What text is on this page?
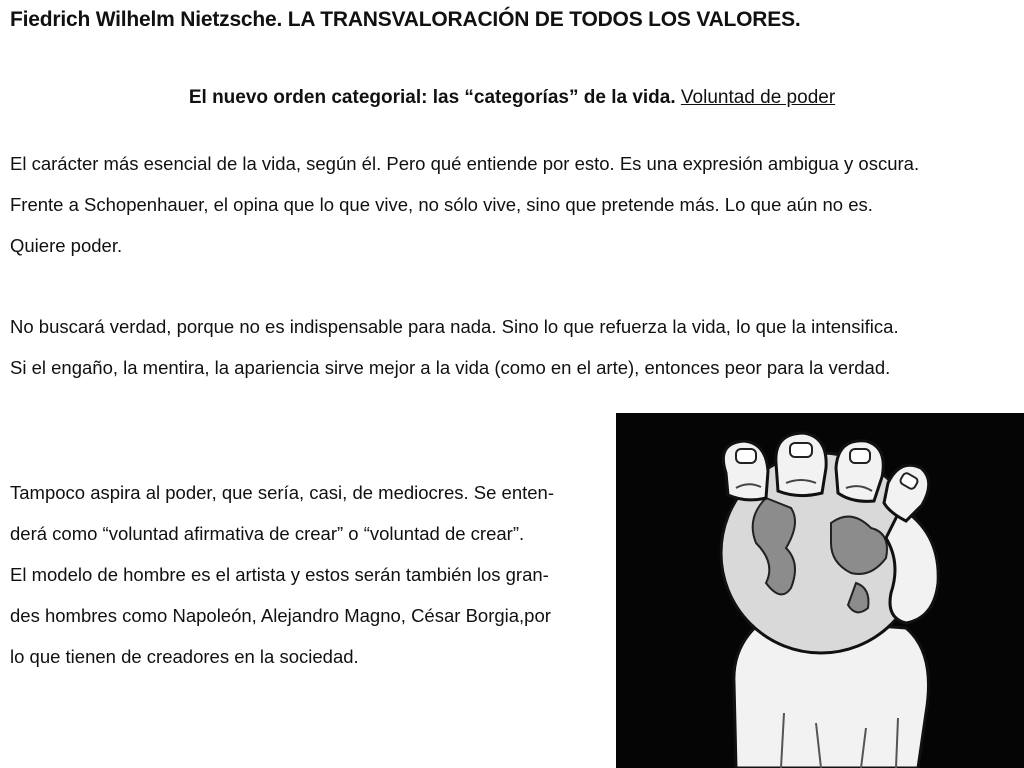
Fiedrich Wilhelm Nietzsche. LA TRANSVALORACIÓN DE TODOS LOS VALORES.
El nuevo orden categorial: las “categorías” de la vida. Voluntad de poder

El carácter más esencial de la vida, según él. Pero qué entiende por esto. Es una expresión ambigua y oscura.
Frente a Schopenhauer, el opina que lo que vive, no sólo vive, sino que pretende más. Lo que aún no es.
Quiere poder.

No buscará verdad, porque no es indispensable para nada. Sino lo que refuerza la vida, lo que la intensifica.
Si el engaño, la mentira, la apariencia sirve mejor a la vida (como en el arte), entonces peor para la verdad.

Tampoco aspira al poder, que sería, casi, de mediocres. Se enten-
derá como “voluntad afirmativa de crear” o “voluntad de crear”.
El modelo de hombre es el artista y estos serán también los gran-
des hombres como Napoleón, Alejandro Magno, César Borgia,por
lo que tienen de creadores en la sociedad.
